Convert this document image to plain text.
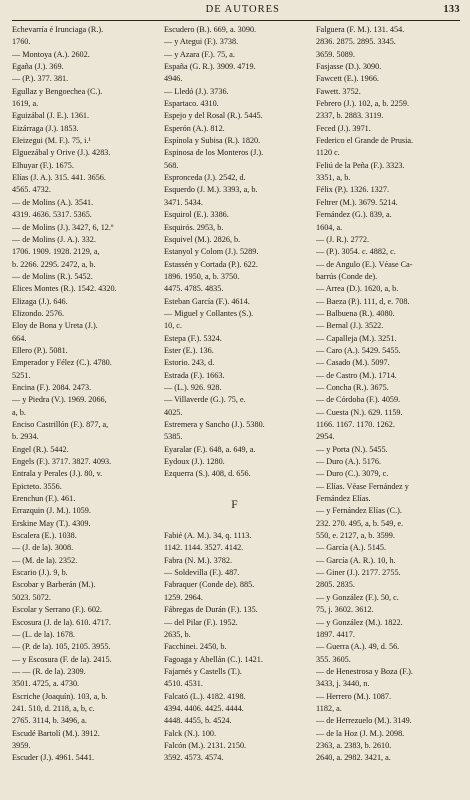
DE AUTORES	133
Echevarría é Irunciaga (R.).
1760.
— Montoya (A.). 2602.
Egaña (J.). 369.
— (P.). 377. 381.
Egullaz y Bengoechea (C.).
1619, a.
Eguizábal (J. E.). 1361.
Eizárraga (J.). 1853.
Eleizegui (M. F.). 75, i.¹
Elguezábal y Orive (J.). 4283.
Elhuyar (F.). 1675.
Elías (J. A.). 315. 441. 3656.
4565. 4732.
— de Molins (A.). 3541.
4319. 4636. 5317. 5365.
— de Molins (J.). 3427, 6, 12.º
— de Molins (J. A.). 332.
1706. 1909. 1928. 2129, a,
b. 2266. 2295. 2472, a, b.
— de Molins (R.). 5452.
Elices Montes (R.). 1542. 4320.
Elizaga (J.). 646.
Elizondo. 2576.
Eloy de Bona y Ureta (J.).
664.
Ellero (P.). 5081.
Emperador y Félez (C.). 4780.
5251.
Encina (F.). 2084. 2473.
— y Piedra (V.). 1969. 2066,
a, b.
Enciso Castrillón (F.). 877, a,
b. 2934.
Engel (R.). 5442.
Engels (F.). 3717. 3827. 4093.
Entrala y Perales (J.). 80, v.
Epicteto. 3556.
Erenchun (F.). 461.
Errazquin (J. M.). 1059.
Erskine May (T.). 4309.
Escalera (E.). 1038.
— (J. de la). 3008.
— (M. de la). 2352.
Escario (J.). 9, b.
Escobar y Barberán (M.).
5023. 5072.
Escolar y Serrano (F.). 602.
Escosura (J. de la). 610. 4717.
— (L. de la). 1678.
— (P. de la). 105, 2105. 3955.
— y Escosura (F. de la). 2415.
— — (R. de la). 2309.
3501. 4725, a. 4730.
Escriche (Joaquín). 103, a, b.
241. 510, d. 2118, a, b, c.
2765. 3114, b. 3496, a.
Escudé Bartolí (M.). 3912.
3959.
Escuder (J.). 4961. 5441.
Escudero (B.). 669, a. 3090.
— y Ategui (F.). 3738.
— y Azara (F.). 75, a.
España (G. R.). 3909. 4719.
4946.
— Lledó (J.). 3736.
Espartaco. 4310.
Espejo y del Rosal (R.). 5445.
Esperón (A.). 812.
Espínola y Subisa (R.). 1820.
Espinosa de los Monteros (J.).
568.
Espronceda (J.). 2542, d.
Esquerdo (J. M.). 3393, a, b.
3471. 5434.
Esquirol (E.). 3386.
Esquirós. 2953, b.
Esquivel (M.). 2826, b.
Estanyol y Colom (J.). 5289.
Estassén y Cortada (P.). 622.
1896. 1950, a, b. 3750.
4475. 4785. 4835.
Esteban García (F.). 4614.
— Miguel y Collantes (S.).
10, c.
Estepa (F.). 5324.
Ester (E.). 136.
Estorio. 243, d.
Estrada (F.). 1663.
— (L.). 926. 928.
— Villaverde (G.). 75, e.
4025.
Estremera y Sancho (J.). 5380.
5385.
Eyaralar (F.). 648, a. 649, a.
Eydoux (J.). 1280.
Ezquerra (S.). 408, d. 656.
F
Fabié (A. M.). 34, q. 1113.
1142. 1144. 3527. 4142.
Fabra (N. M.). 3782.
— Soldevilla (F.). 487.
Fabraquer (Conde de). 885.
1259. 2964.
Fábregas de Durán (F.). 135.
— del Pilar (F.). 1952.
2635, b.
Facchinei. 2450, b.
Fagoaga y Abellán (C.). 1421.
Fajarnés y Castells (T.).
4510. 4531.
Falcató (L.). 4182. 4198.
4394. 4406. 4425. 4444.
4448. 4455, b. 4524.
Falck (N.). 100.
Falcón (M.). 2131. 2150.
3592. 4573. 4574.
Falguera (F. M.). 131. 454.
2836. 2875. 2895. 3345.
3659. 5089.
Fasjasse (D.). 3090.
Fawcett (E.). 1966.
Fawett. 3752.
Febrero (J.). 102, a, b. 2259.
2337, b. 2883. 3119.
Feced (J.). 3971.
Federico el Grande de Prusia.
1120 c.
Feliú de la Peña (F.). 3323.
3351, a, b.
Félix (P.). 1326. 1327.
Feltrer (M.). 3679. 5214.
Fernández (G.). 839, a.
1604, a.
— (J. R.). 2772.
— (P.). 3054. c. 4882, c.
— de Angulo (E.). Véase Ca-
barrús (Conde de).
— Arrea (D.). 1620, a, b.
— Baeza (P.). 111, d, e. 708.
— Balbuena (R.). 4080.
— Bernal (J.). 3522.
— Capalleja (M.). 3251.
— Caro (A.). 5429. 5455.
— Casado (M.). 5097.
— de Castro (M.). 1714.
— Concha (R.). 3675.
— de Córdoba (F.). 4059.
— Cuesta (N.). 629. 1159.
1166. 1167. 1170. 1262.
2954.
— y Porta (N.). 5455.
— Duro (A.). 5176.
— Duro (C.). 3079, c.
— Elías. Véase Fernández y
Fernández Elías.
— y Fernández Elías (C.).
232. 270. 495, a, b. 549, e.
550, e. 2127, a, b. 3599.
— García (A.). 5145.
— García (A. R.). 10, h.
— Giner (J.). 2177. 2755.
2805. 2835.
— y González (F.). 50, c.
75, j. 3602. 3612.
— y González (M.). 1822.
1897. 4417.
— Guerra (A.). 49, d. 56.
355. 3605.
— de Henestrosa y Boza (F.).
3433, j. 3440, n.
— Herrero (M.). 1087.
1182, a.
— de Herrezuelo (M.). 3149.
— de la Hoz (J. M.). 2098.
2363, a. 2383, b. 2610.
2640, a. 2982. 3421, a.
